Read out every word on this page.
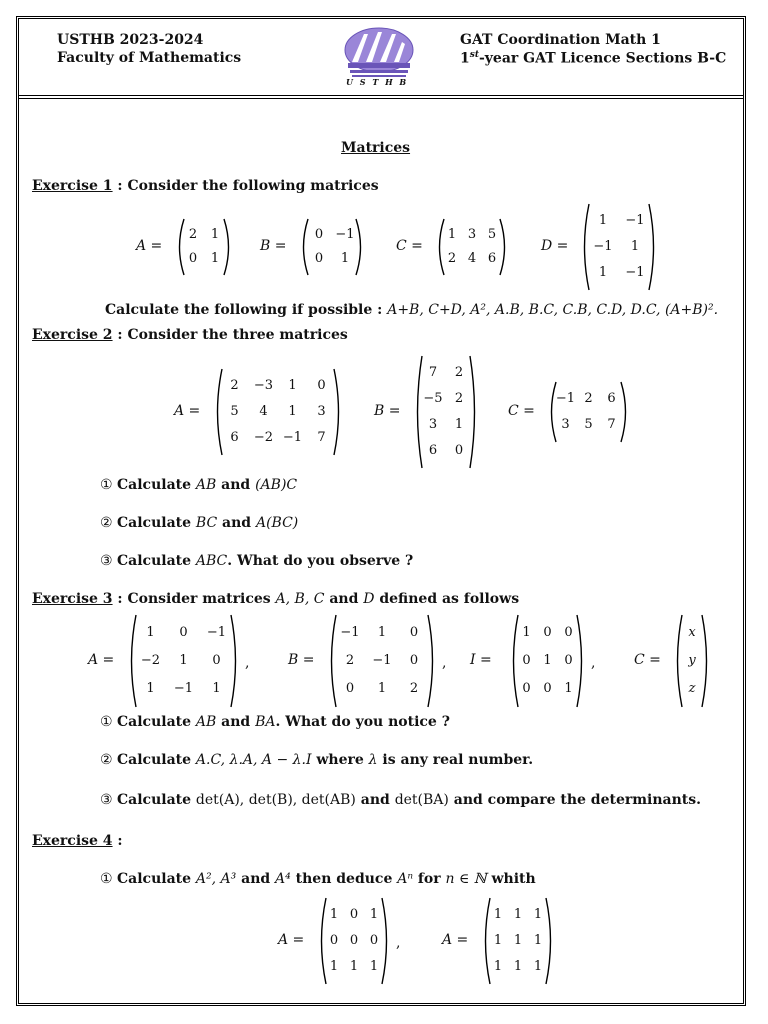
USTHB 2023-2024
Faculty of Mathematics
GAT Coordination Math 1
1st-year GAT Licence Sections B-C
U S T H B
Matrices
Exercise 1 : Consider the following matrices
A =
2	1
0	1
B =
0 −1
0	1
C =
1 3 5
2 4 6
D =
1	−1
−1	1
1	−1
Calculate the following if possible : A+B, C+D, A², A.B, B.C, C.B, C.D, D.C, (A+B)².
Exercise 2 : Consider the three matrices
A =
2	−3	1	0
5	4	1	3
6	−2 −1	7
B =
7	2
−5 2
3	1
6	0
C =
−1 2	6
3	5	7
① Calculate AB and (AB)C
② Calculate BC and A(BC)
③ Calculate ABC. What do you observe ?
Exercise 3 : Consider matrices A, B, C and D defined as follows
A =
1	0	−1
−2	1	0
1	−1	1
,	B =
−1	1	0
2	−1	0
0	1	2
, I =
1 0 0
0 1 0
0 0 1
,	C =
x
y
z
① Calculate AB and BA. What do you notice ?
② Calculate A.C, λ.A, A − λ.I where λ is any real number.
③ Calculate det(A), det(B), det(AB) and det(BA) and compare the determinants.
Exercise 4 :
① Calculate A², A³ and A⁴ then deduce Aⁿ for n ∈ ℕ whith
A =
1 0 1
0 0 0
1 1 1
,	A =
1 1 1
1 1 1
1 1 1
